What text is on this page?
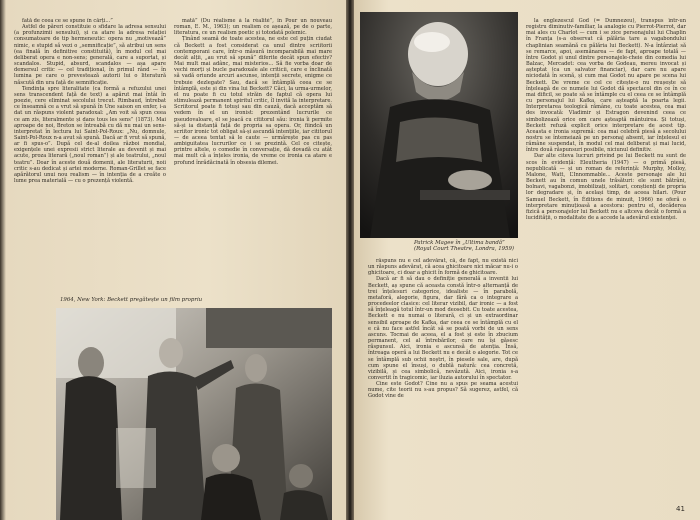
fată de ceea ce se spune în cărți...”

Astfel de păreri constituie o sfidare la adresa sensului (a profunzimii sensului), și ca atare la adresa relației consumatoare de tip hermeneutic: opera nu „motivează” nimic, e stupid să vezi o „semnificație”, să atribui un sens (ea finală în definitive constituită), în modul cel mai deliberat opera e non-sens; generală, care a suportat, și scandalos. Stupid, absurd, scandalos — așa apare demersul critic — cel tradițional, în primul rând — în lumina pe care o prevestează autorii lui o literatură născută din ura față de semnificație.

Tendința spre literalitate (ca formă a refuzului unei sens transcendent față de text) a apărut mai întâi în poezie, cere eliminat secolului trecut. Rimbaud, întrebat ce înseamnă ce a vrut să spună în Une saison en enfer, i-a dat un răspuns violent paradoxal: „Am voit să spun ceea ce am zis, literalmente și dans tous les sens” (1873). Mai aproape de noi, Breton se întreabă cu dă nu mai un sens-interpretat în lectura lui Saint-Pol-Roux: „Nu, domnule, Saint-Pol-Roux n-a avut să spună. Dacă ar fi vrut să spună, ar fi spus-o”. După cel de-al doilea război mondial, exigențele unei expresii strict literale au devenit și mai acute, proza literară („noul roman”) și ale teatrului, „noul teatru”. Doar în aceste două domenii, ale literaturii, noii critic s-au dedicat și artei moderne. Roman-Grillet se face apărătorul unui nou realism — în intenția de a creăte o lume prea materială — cu o prezență violentă.

mată” (Du réalisme à la réalité”, în Pour un nouveau roman, E. M., 1963); un realism ce așează, pe de o parte, literatura, ce un realism poetic și totodată polemic.

Ținând seamă de toate acestea, ne este cel puțin ciudat că Beckett a fost considerat ca unul dintre scriitorii contemporani care, într-o măsură incomparabilă mai mare decât alții, „au vrut să spună” diferite decât spun efectiv? Mai mult mai adânc, mai misterios... Să fie vorba doar de vechi morți și bucle paradoxale ale criticii, care e înclinată să vadă oriunde arcuri ascunse, intenții secrete, enigme ce trebuie dezlegate? Sau, dacă se întâmplă ceea ce se întâmplă, este și din vina lui Beckett? Căci, la urma-urmelor, el nu poate fi cu totul străin de faptul că opera lui stimulează permanent spiritul critic, îl invită la interpretare. Scriitorul poate fi totuși sau din cauză, dacă acceptăm să vedem în el un ironist: prezentând lucrurile ce pseudovaloare, el se joacă cu cititorul său: ironia îi permite să-și ia distanță față de propria sa opera. Or, fiindcă un scriitor ironic tot obligat să-și ascundă intențiile, iar cititorul — de aceea tentat să le caute — urmărește pas cu pas ambiguitatea lucrurilor ce i se prezintă. Cel ce citește, printre altele, o comedie în conversație, dă dovadă cu atât mai mult că a înțeles ironia, de vreme ce ironia ca atare e profund înrădăcinată în obsesia dilemei.

1964, New York: Beckett pregătește un film propriu
Patrick Magee în „Ultima bandă” (Royal Court Theatre, Londra, 1959)

răspuns nu e cel adevărat, că, de fapt, nu există nici un răspuns adevărat, că acea ghicitoare nici măcar nu-i o ghicitoare, ci doar a ghicit în formă de ghicitoare.

Dacă ar fi să dau o definiție generală a inventii lui Beckett, aș spune că aceasta constă într-o alternanță de trei înțelesuri categorice, idealiste — în parabolă, metaforă, alegorie, figura, dar fără ca o integrare a procedeelor clasice: cel literar vizibil, dar ironic — a fost să înțeleagă totul într-un mod deosebit. Cu toate acestea, Beckett e nu numai o literară, ci și un extraordinar sensibil aproape de Kafka, dar ceea ce se întâmplă cu el e că nu face astfel încât să se poată vorbi de un sens ascuns. Tocmai de aceea, el a fost și este în zbucium permanent, cel al întrebărilor, care nu își găsesc răspunsul. Aici, ironia e ascunsă de atenția. Însă, întreaga operă a lui Beckett nu e decât o alegorie. Tot ce se întâmplă sub ochii noștri, în piesele sale, are, după cum spune el însuși, o dublă natură: cea concretă, vizibilă, și cea simbolică, nevăzută. Aici, ironia s-a convertit în tragicomic, iar iluzia autorului în spectator.

Cine este Godot? Cine nu a spus pe seama acestui nume, cite teorii nu s-au propus? Să sugerez, astfel, că Godot vine de

la englezescul God (= Dumnezeu), transpus într-un registru diminutiv-familiar, la analogie cu Pierrot-Pierrot, dar mai ales cu Charlot — cum i se zice personajului lui Chaplin în Franța (s-a observat că pălăria tare a vagabondului chaplinian seamănă cu pălăria lui Beckett). N-a întârziat să se remarce, apoi, asemănarea — de fapt, aproape totală — între Godot și unul dintre personajele-cheie din comedia lui Balzac, Mercadet: cea vorba de Godeau, mereu invocat și așteptat (ca un salvator financiar), dar care nu apare niciodată în scenă, și cum mai Godot nu apare pe scena lui Beckett. De vreme ce cel ce citește-o nu reușește să înțeleagă de ce numele lui Godot dă spectacol din ce în ce mai dificil, se poate să se întâmple cu el ceea ce se întâmplă cu personajul lui Kafka, care așteaptă la poarta legii. Interpretarea teologică rămâne, cu toate acestea, cea mai des invocată: Vladimir și Estragon devenind ceea ce simbolizează orice om care așteaptă mântuirea. Și totuși, Beckett refuză explicit orice interpretare de acest tip. Aceasta e ironia supremă: cea mai celebră piesă a secolului nostru se întemeiază pe un personaj absent, iar înțelesul ei rămâne suspendat, în modul cel mai deliberat și mai lucid, între două răspunsuri posibile, niciunul definitiv.

Dar alte citeva lucruri privind pe lui Beckett nu sunt de scos în evidență: Eleutheria (1947) — o primă piesă, nepublicată — și un roman de referință: Murphy, Molloy, Malone, Watt, L’Innommable... Aceste personaje ale lui Beckett au în comun unele trăsături: ele sunt bătrâni, bolnavi, vagabonzi, imobilizați, solitari, conștienți de propria lor degradare și, în același timp, de aceea hilari. (Pour Samuel Beckett, în Éditions de minuit, 1966) ne oferă o interpretare minuțioasă a acestora: pentru el, decăderea fizică a personajelor lui Beckett nu e altceva decât o formă a lucidității, o modalitate de a accede la adevărul existenței.

41
